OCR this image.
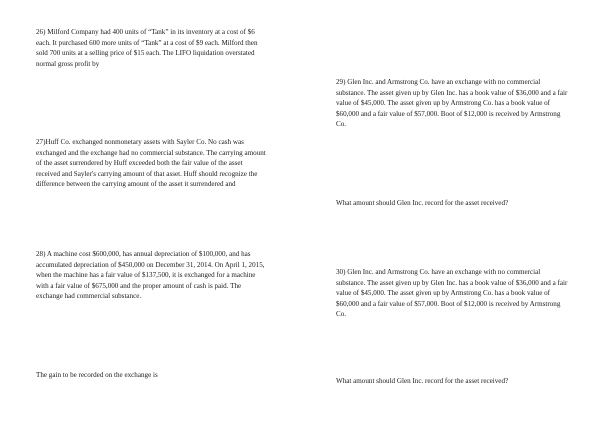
26) Milford Company had 400 units of “Tank” in its inventory at a cost of $6 each. It purchased 600 more units of “Tank” at a cost of $9 each. Milford then sold 700 units at a selling price of $15 each. The LIFO liquidation overstated normal gross profit by
27)Huff Co. exchanged nonmonetary assets with Sayler Co. No cash was exchanged and the exchange had no commercial substance. The carrying amount of the asset surrendered by Huff exceeded both the fair value of the asset received and Sayler's carrying amount of that asset. Huff should recognize the difference between the carrying amount of the asset it surrendered and
28) A machine cost $600,000, has annual depreciation of $100,000, and has accumulated depreciation of $450,000 on December 31, 2014. On April 1, 2015, when the machine has a fair value of $137,500, it is exchanged for a machine with a fair value of $675,000 and the proper amount of cash is paid. The exchange had commercial substance.
The gain to be recorded on the exchange is
29) Glen Inc. and Armstrong Co. have an exchange with no commercial substance. The asset given up by Glen Inc. has a book value of $36,000 and a fair value of $45,000. The asset given up by Armstrong Co. has a book value of $60,000 and a fair value of $57,000. Boot of $12,000 is received by Armstrong Co.
What amount should Glen Inc. record for the asset received?
30) Glen Inc. and Armstrong Co. have an exchange with no commercial substance. The asset given up by Glen Inc. has a book value of $36,000 and a fair value of $45,000. The asset given up by Armstrong Co. has a book value of $60,000 and a fair value of $57,000. Boot of $12,000 is received by Armstrong Co.
What amount should Glen Inc. record for the asset received?
